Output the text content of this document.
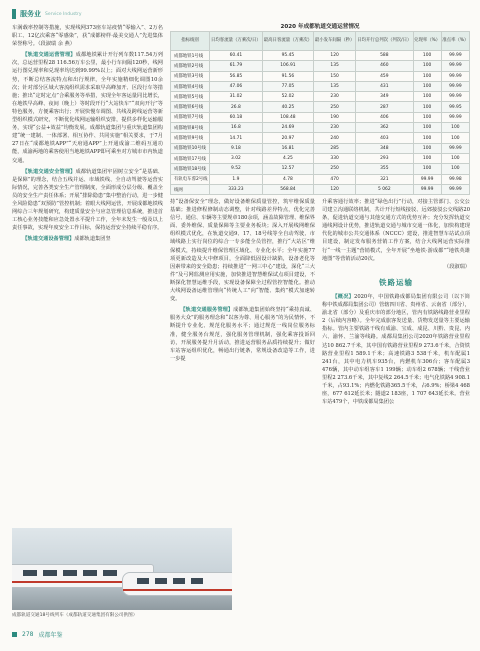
服务业 Service Industry

车满载率控制等措施，实现线网373座车站疫情“零输入”、2万名职工、12亿次乘客“零感染”，获“成都榜样·最美交通人”先进集体荣誉称号。（段淑瑞 余 燕）

【轨道交通运营管理】成都地铁累计开行列车数117.54万列次，总运营里程28 116.56万车公里，最小行车间隔120秒，线网运行图兑现率和兑现率均达到99.99%以上；面对大线网运营新形势，不断总结客流特点和出行规律，全年实施精细化调图10余次；针对部分区域大客流组织需求采取早高峰加开、区段行车等措施；推出“定时定点”合乘服务等举措，实现全年客运量同比增长，在地铁早高峰、夜间（晚上）等时段开行“大站快车”“双向开行”等特色服务，方便乘客出行；开展快慢车调图、共线及跨线运营等新型组织模式研究，不断优化线网运输组织安排，提供多样化运输服务，实现“公益+效益”均衡发展。成都轨道集团与重庆轨道集团构建“统一建制、一体部署、相互协作、共同实施”相关要求，于7月27日在“成都地铁APP”“天府通APP”上开通成渝二维码互通功能，成渝两地的乘客使用当地地铁APP即可乘坐对方城市市内轨道交通。

【轨道交通安全管理】成都轨道集团牢固树立安全“是基础、是保障”的理念，结合五线并运、市域铁线、全自动驾驶等运营实际情况，完善各类安全生产管理制度，全面形成分层分级、覆盖全员的安全生产责任体系；开展“排除隐患”集中整治行动，进一步健全风险隐患“双预防”管控机制；着眼大线网运营，开展成都地铁线网综合三年规划研究，构建质量安全与应急管理信息系统，推进首工核心业务技能和应急处置水平提升工作，全年未发生一般及以上责任事故，实现年度安全工作目标，保持运营安全持续平稳有序。

【轨道交通设备管理】成都轨道集团坚

成都轨道交通18号线列车（成都轨道交通集团有限公司供图）
2020 年成都轨道交通运营情况
指标线别	日均客流量（万乘次/日）	最高日客流量（万乘次）	最小发车间隔（秒）	日均开行总列次（列次/日）	兑现率（%）	准点率（%）
成都地铁1号线	60.41	95.45	120	588	100	99.99
成都地铁2号线	61.79	106.91	135	460	100	99.99
成都地铁3号线	56.85	91.56	150	459	100	99.99
成都地铁4号线	47.06	77.05	135	431	100	99.99
成都地铁5号线	31.02	52.02	230	349	100	99.99
成都地铁6号线	26.8	40.25	250	287	100	99.95
成都地铁7号线	60.18	108.48	190	406	100	99.99
成都地铁8号线	16.8	24.69	230	362	100	100
成都地铁9号线	14.71	20.97	240	403	100	100
成都地铁10号线	9.18	16.81	285	348	100	99.99
成都地铁17号线	3.02	4.25	330	293	100	100
成都地铁18号线	9.52	12.57	250	355	100	100
有轨电车蓉2号线	1.9	4.78	470	321	99.99	99.98
线网	333.23	568.84	120	5 062	99.99	99.99

持“设备保安全”理念，做好设备维保质量管控，筑牢维保质量基础；推进修程修制动态调整，针对线路差异特点，优化完善信号、通信、车辆等主要规章180余项，涵盖故障管理、维保界面、委外维保、质量保障等主要业务板块；深入开展线网维保组织模式优化，在轨道交通9、17、18号线等全自动驾驶、市域线路上实行岗位的综合一专多能全员管控，推行“大站区”维保模式，持续提升维保管理区域化、专业化水平；全年实施77项更新改造及大中修项目，全面降低固设计缺陷，设备老化等因素带来的安全隐患；持续推进“一网三中心”建设，深化“三大件”及弓网监测应用实施，加快推进智慧维保试点项目建设，不断探化智慧运维手段，实现设备保障全过程管控智能化。推动大线网设备运维管理向“传统人工”向“智能、集约”模式加速转变。

【轨道交通服务管理】成都轨道集团始终坚持“乘持真诚、服务大众”的服务理念和“以客为尊、用心服务”的为民情怀，不断提升专业化、规范化服务水平；通过规范一线岗位服务标准，健全服务台规范，强化服务管理机制，强化乘客投诉回访，开展服务提升月活动，推进运营服务品质持续提升；做好车站客运组织优化，畅通出行链条，常规设备改造等工作，进一步提

升乘客通行效率；推进“绿色出行”行动，对接主管部门、公交公司建立沟通联络机制，共计开行短线接驳、远郊接驳公交线路20条，促进轨道交通与其他交通方式的优势互补；充分发挥轨道交通线网设计优势，推进轨道交通与城市交通一体化，加快构建现代化的城市公共交通体系（NCCC）建设，推进智慧车站试点项目建设，制定发布服务营销工作方案，结合大线网运营实际推行“一线一主题”营销模式，全年开展“坐地铁·游成都”“地铁英雄地图”等营销活动20次。

（段淑瑞）

铁路运输

【概况】2020年，中国铁路成都局集团有限公司（以下简称中铁成都局集团公司）管辖四川省、贵州省、云南省（部分），渝北省（部分）及重庆市的部分地区，管内有铁路线路营业里程2（后续内容略）。全年完成旅客发送量、货物发送量等主要运输指标。管内主要铁路干线有成渝、宝成、成昆、川黔、贵昆、内六、渝怀、兰渝等线路。成都局集团公司2020年铁路营业里程达10 862.7千米，其中国有铁路营业里程9 273.6千米，合资铁路营业里程1 589.1千米；高速铁路3 538千米，机车配属1 241台，其中电力机车935台，内燃机车306台；客车配属3 476辆，其中动车组客车1 199辆；动车组2 678辆；干线营业里程2 273.6千米，其中复线2 264.5千米；电气化铁路4 908.1千米，占93.1%；内燃化铁路365.5千米，占6.9%；桥梁4 468座，677 612延长米；隧道2 183座，1 707 643延长米。营业车站479个，中铁成都局集团公

278 成都年鉴
